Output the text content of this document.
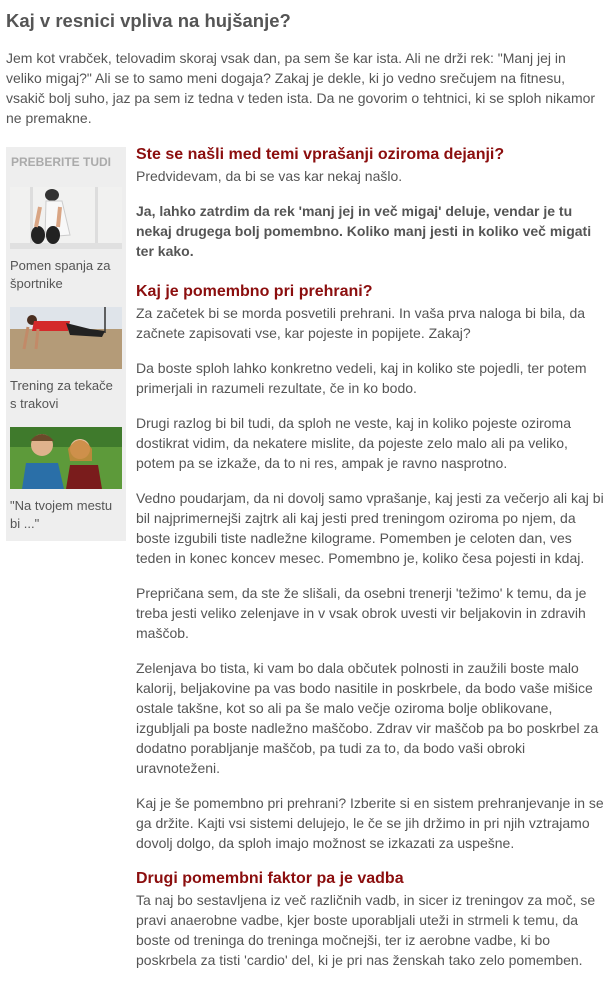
Kaj v resnici vpliva na hujšanje?

Jem kot vrabček, telovadim skoraj vsak dan, pa sem še kar ista. Ali ne drži rek: "Manj jej in veliko migaj?" Ali se to samo meni dogaja? Zakaj je dekle, ki jo vedno srečujem na fitnesu, vsakič bolj suho, jaz pa sem iz tedna v teden ista. Da ne govorim o tehtnici, ki se sploh nikamor ne premakne.

PREBERITE TUDI
Pomen spanja za športnike
Trening za tekače s trakovi
"Na tvojem mestu bi ..."
Ste se našli med temi vprašanji oziroma dejanji?

Predvidevam, da bi se vas kar nekaj našlo.

Ja, lahko zatrdim da rek 'manj jej in več migaj' deluje, vendar je tu nekaj drugega bolj pomembno. Koliko manj jesti in koliko več migati ter kako.

Kaj je pomembno pri prehrani?

Za začetek bi se morda posvetili prehrani. In vaša prva naloga bi bila, da začnete zapisovati vse, kar pojeste in popijete. Zakaj?

Da boste sploh lahko konkretno vedeli, kaj in koliko ste pojedli, ter potem primerjali in razumeli rezultate, če in ko bodo.

Drugi razlog bi bil tudi, da sploh ne veste, kaj in koliko pojeste oziroma dostikrat vidim, da nekatere mislite, da pojeste zelo malo ali pa veliko, potem pa se izkaže, da to ni res, ampak je ravno nasprotno.

Vedno poudarjam, da ni dovolj samo vprašanje, kaj jesti za večerjo ali kaj bi bil najprimernejši zajtrk ali kaj jesti pred treningom oziroma po njem, da boste izgubili tiste nadležne kilograme. Pomemben je celoten dan, ves teden in konec koncev mesec. Pomembno je, koliko česa pojesti in kdaj.

Prepričana sem, da ste že slišali, da osebni trenerji 'težimo' k temu, da je treba jesti veliko zelenjave in v vsak obrok uvesti vir beljakovin in zdravih maščob.

Zelenjava bo tista, ki vam bo dala občutek polnosti in zaužili boste malo kalorij, beljakovine pa vas bodo nasitile in poskrbele, da bodo vaše mišice ostale takšne, kot so ali pa še malo večje oziroma bolje oblikovane, izgubljali pa boste nadležno maščobo. Zdrav vir maščob pa bo poskrbel za dodatno porabljanje maščob, pa tudi za to, da bodo vaši obroki uravnoteženi.

Kaj je še pomembno pri prehrani? Izberite si en sistem prehranjevanje in se ga držite. Kajti vsi sistemi delujejo, le če se jih držimo in pri njih vztrajamo dovolj dolgo, da sploh imajo možnost se izkazati za uspešne.

Drugi pomembni faktor pa je vadba

Ta naj bo sestavljena iz več različnih vadb, in sicer iz treningov za moč, se pravi anaerobne vadbe, kjer boste uporabljali uteži in strmeli k temu, da boste od treninga do treninga močnejši, ter iz aerobne vadbe, ki bo poskrbela za tisti 'cardio' del, ki je pri nas ženskah tako zelo pomemben.
